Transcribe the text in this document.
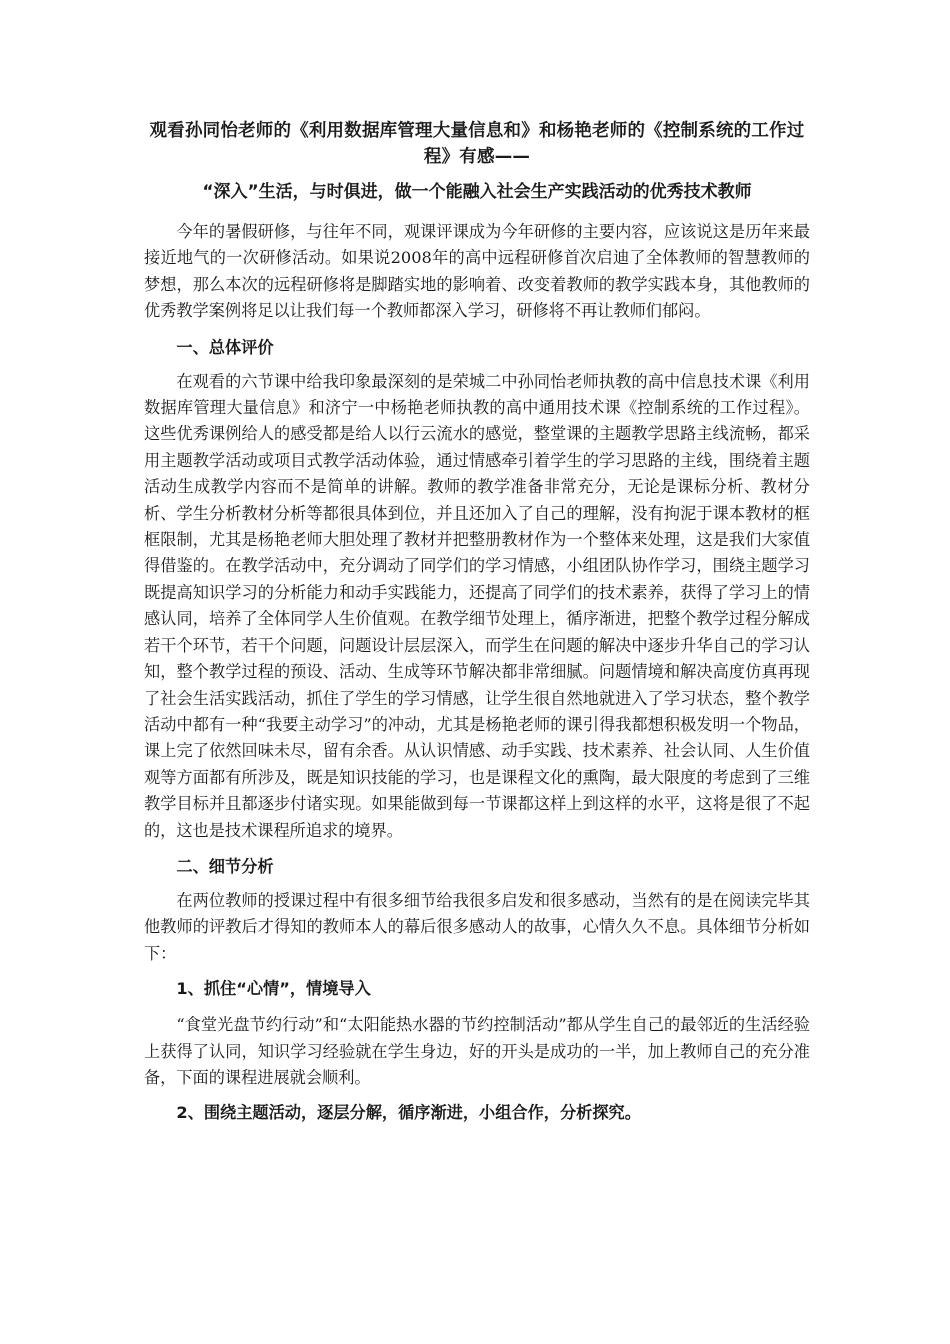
观看孙同怡老师的《利用数据库管理大量信息和》和杨艳老师的《控制系统的工作过程》有感——
“深入”生活，与时俱进，做一个能融入社会生产实践活动的优秀技术教师

今年的暑假研修，与往年不同，观课评课成为今年研修的主要内容，应该说这是历年来最接近地气的一次研修活动。如果说2008年的高中远程研修首次启迪了全体教师的智慧教师的梦想，那么本次的远程研修将是脚踏实地的影响着、改变着教师的教学实践本身，其他教师的优秀教学案例将足以让我们每一个教师都深入学习，研修将不再让教师们郁闷。

一、总体评价

在观看的六节课中给我印象最深刻的是荣城二中孙同怡老师执教的高中信息技术课《利用数据库管理大量信息》和济宁一中杨艳老师执教的高中通用技术课《控制系统的工作过程》。这些优秀课例给人的感受都是给人以行云流水的感觉，整堂课的主题教学思路主线流畅，都采用主题教学活动或项目式教学活动体验，通过情感牵引着学生的学习思路的主线，围绕着主题活动生成教学内容而不是简单的讲解。教师的教学准备非常充分，无论是课标分析、教材分析、学生分析教材分析等都很具体到位，并且还加入了自己的理解，没有拘泥于课本教材的框框限制，尤其是杨艳老师大胆处理了教材并把整册教材作为一个整体来处理，这是我们大家值得借鉴的。在教学活动中，充分调动了同学们的学习情感，小组团队协作学习，围绕主题学习既提高知识学习的分析能力和动手实践能力，还提高了同学们的技术素养，获得了学习上的情感认同，培养了全体同学人生价值观。在教学细节处理上，循序渐进，把整个教学过程分解成若干个环节，若干个问题，问题设计层层深入，而学生在问题的解决中逐步升华自己的学习认知，整个教学过程的预设、活动、生成等环节解决都非常细腻。问题情境和解决高度仿真再现了社会生活实践活动，抓住了学生的学习情感，让学生很自然地就进入了学习状态，整个教学活动中都有一种“我要主动学习”的冲动，尤其是杨艳老师的课引得我都想积极发明一个物品，课上完了依然回味未尽，留有余香。从认识情感、动手实践、技术素养、社会认同、人生价值观等方面都有所涉及，既是知识技能的学习，也是课程文化的熏陶，最大限度的考虑到了三维教学目标并且都逐步付诸实现。如果能做到每一节课都这样上到这样的水平，这将是很了不起的，这也是技术课程所追求的境界。

二、细节分析

在两位教师的授课过程中有很多细节给我很多启发和很多感动，当然有的是在阅读完毕其他教师的评教后才得知的教师本人的幕后很多感动人的故事，心情久久不息。具体细节分析如下：

1、抓住“心情”，情境导入

“食堂光盘节约行动”和“太阳能热水器的节约控制活动”都从学生自己的最邻近的生活经验上获得了认同，知识学习经验就在学生身边，好的开头是成功的一半，加上教师自己的充分准备，下面的课程进展就会顺利。

2、围绕主题活动，逐层分解，循序渐进，小组合作，分析探究。
